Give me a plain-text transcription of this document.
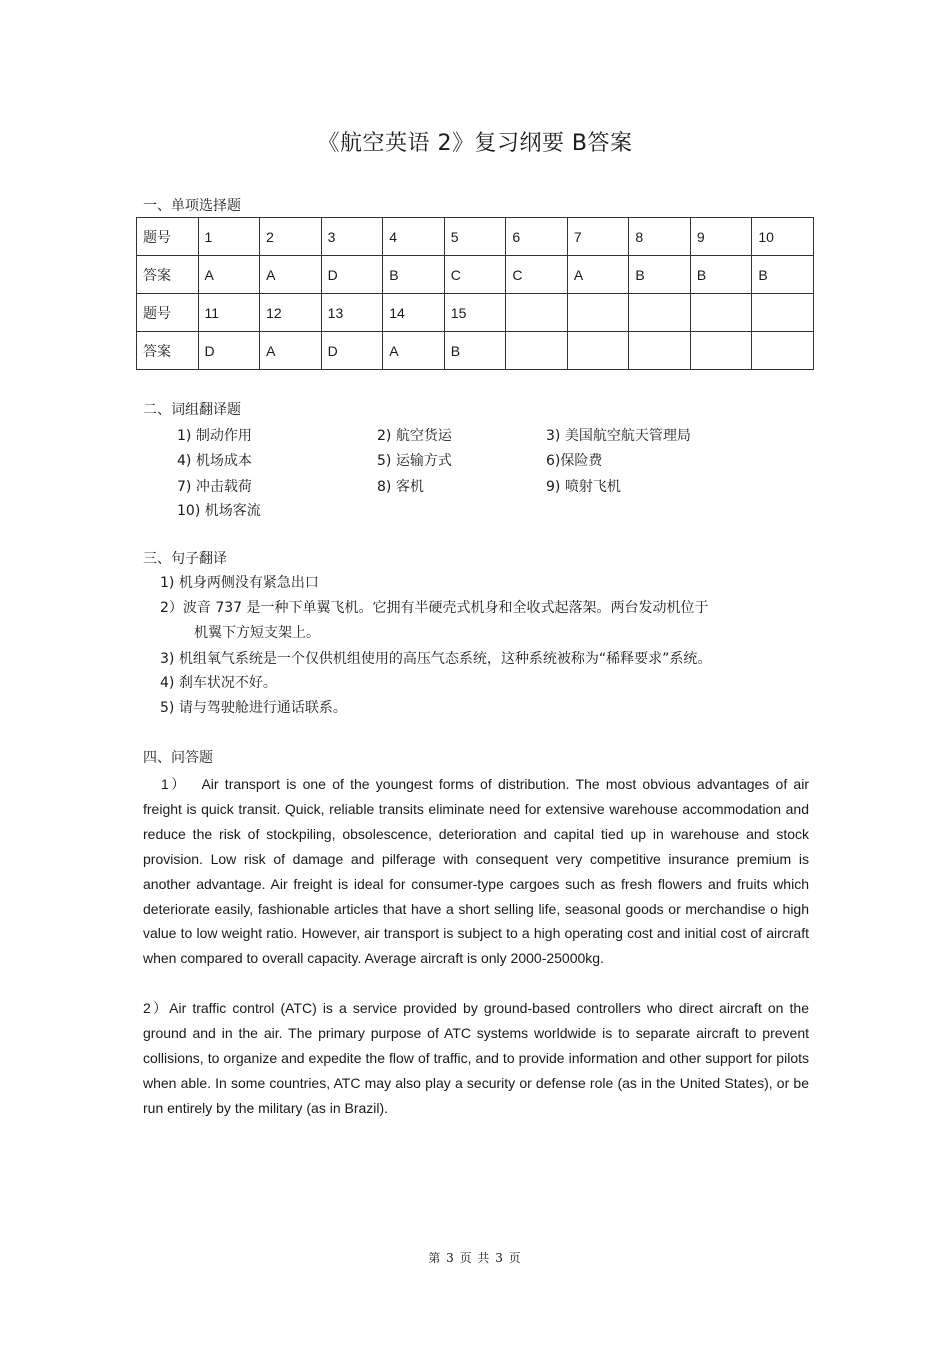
《航空英语 2》复习纲要 B答案
一、单项选择题
题号	1	2	3	4	5	6	7	8	9	10
答案	A	A	D	B	C	C	A	B	B	B
题号	11	12	13	14	15					
答案	D	A	D	A	B					
二、词组翻译题
1) 制动作用	2) 航空货运	3) 美国航空航天管理局
4) 机场成本	5) 运输方式	6)保险费
7) 冲击载荷	8) 客机	9) 喷射飞机
10) 机场客流
三、句子翻译
1) 机身两侧没有紧急出口
2）波音 737 是一种下单翼飞机。它拥有半硬壳式机身和全收式起落架。两台发动机位于
机翼下方短支架上。
3) 机组氧气系统是一个仅供机组使用的高压气态系统，这种系统被称为“稀释要求”系统。
4) 刹车状况不好。
5) 请与驾驶舱进行通话联系。
四、问答题
1） Air transport is one of the youngest forms of distribution. The most obvious advantages of air freight is quick transit. Quick, reliable transits eliminate need for extensive warehouse accommodation and reduce the risk of stockpiling, obsolescence, deterioration and capital tied up in warehouse and stock provision. Low risk of damage and pilferage with consequent very competitive insurance premium is another advantage. Air freight is ideal for consumer-type cargoes such as fresh flowers and fruits which deteriorate easily, fashionable articles that have a short selling life, seasonal goods or merchandise o high value to low weight ratio. However, air transport is subject to a high operating cost and initial cost of aircraft when compared to overall capacity. Average aircraft is only 2000-25000kg.
2）Air traffic control (ATC) is a service provided by ground-based controllers who direct aircraft on the ground and in the air. The primary purpose of ATC systems worldwide is to separate aircraft to prevent collisions, to organize and expedite the flow of traffic, and to provide information and other support for pilots when able. In some countries, ATC may also play a security or defense role (as in the United States), or be run entirely by the military (as in Brazil).
第 3 页 共 3 页
